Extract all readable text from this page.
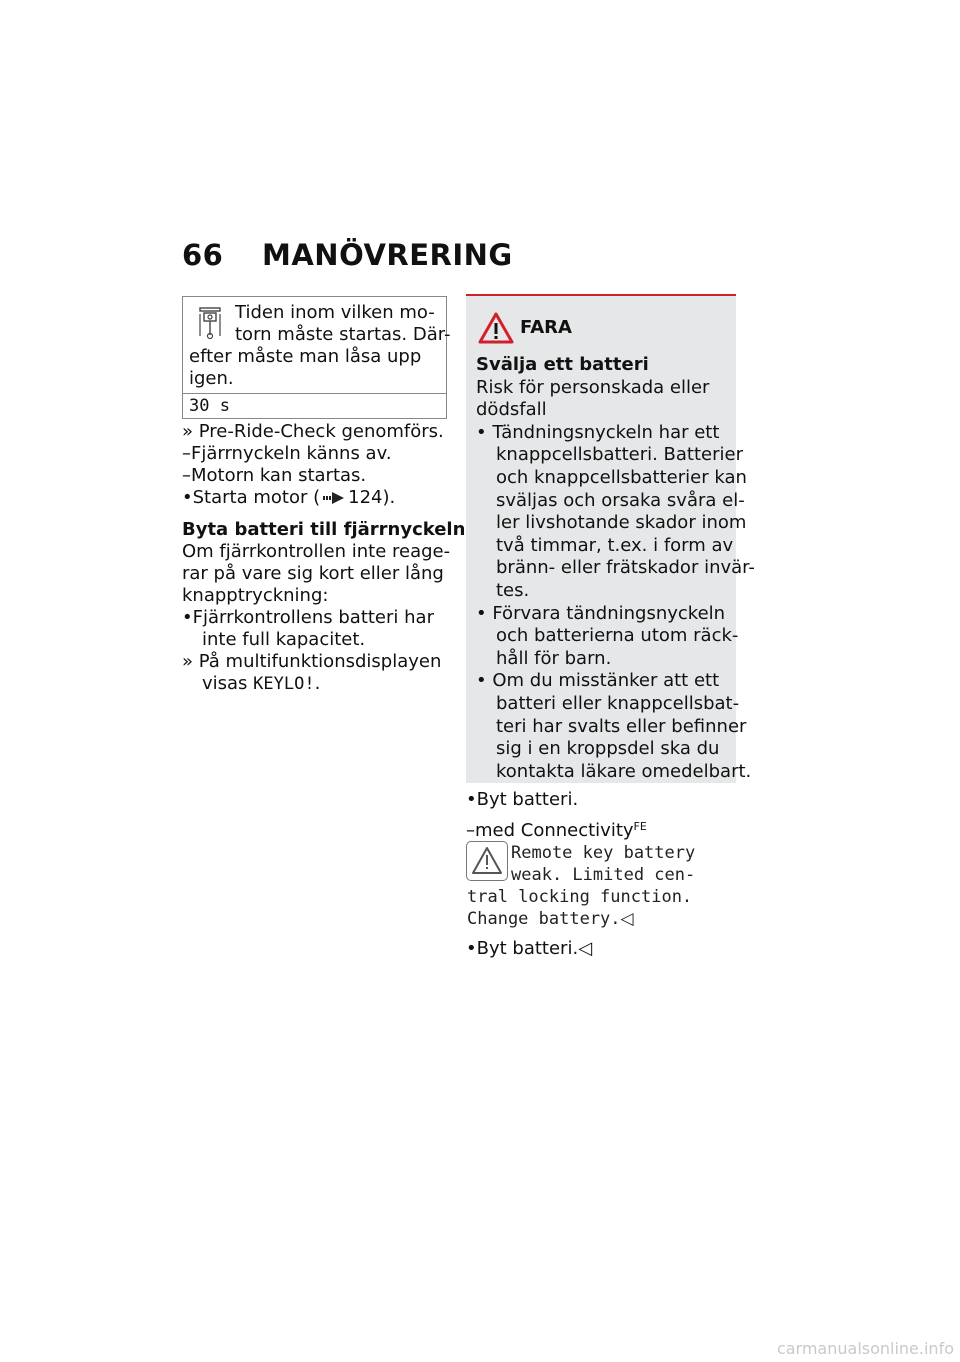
66 MANÖVRERING
Tiden inom vilken mo-
torn måste startas. Där-
efter måste man låsa upp
igen.
30 s
» Pre-Ride-Check genomförs.
–Fjärrnyckeln känns av.
–Motorn kan startas.
•Starta motor ( 124).
Byta batteri till fjärrnyckeln
Om fjärrkontrollen inte reage-
rar på vare sig kort eller lång
knapptryckning:
•Fjärrkontrollens batteri har
inte full kapacitet.
» På multifunktionsdisplayen
visas KEYLO!.
FARA
Svälja ett batteri
Risk för personskada eller
dödsfall
• Tändningsnyckeln har ett
knappcellsbatteri. Batterier
och knappcellsbatterier kan
sväljas och orsaka svåra el-
ler livshotande skador inom
två timmar, t.ex. i form av
bränn- eller frätskador invär-
tes.
• Förvara tändningsnyckeln
och batterierna utom räck-
håll för barn.
• Om du misstänker att ett
batteri eller knappcellsbat-
teri har svalts eller befinner
sig i en kroppsdel ska du
kontakta läkare omedelbart.
•Byt batteri.
–med Connectivity$^{FE}$
Remote key battery
weak. Limited cen-
tral locking function.
Change battery.◁
•Byt batteri.◁
carmanualsonline.info
